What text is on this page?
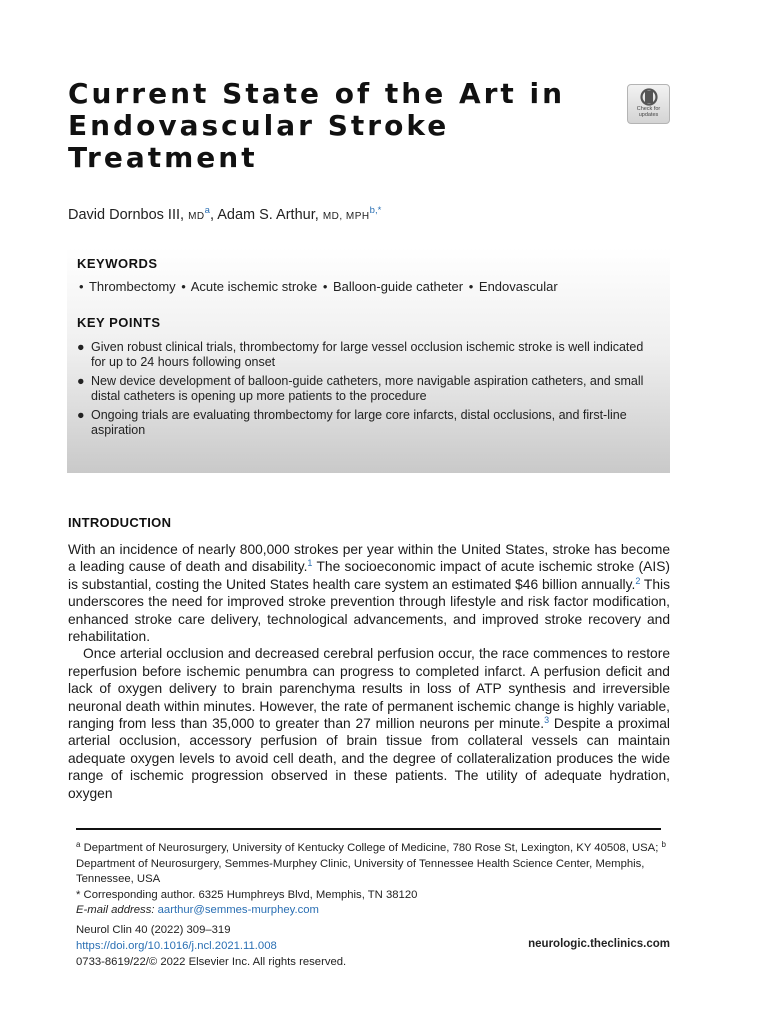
Current State of the Art in Endovascular Stroke Treatment
Check for
updates
David Dornbos III, MD$^a$, Adam S. Arthur, MD, MPH$^{b,*}$
KEYWORDS
• Thrombectomy • Acute ischemic stroke • Balloon-guide catheter • Endovascular
KEY POINTS
● Given robust clinical trials, thrombectomy for large vessel occlusion ischemic stroke is well indicated for up to 24 hours following onset
● New device development of balloon-guide catheters, more navigable aspiration catheters, and small distal catheters is opening up more patients to the procedure
● Ongoing trials are evaluating thrombectomy for large core infarcts, distal occlusions, and first-line aspiration
INTRODUCTION

With an incidence of nearly 800,000 strokes per year within the United States, stroke has become a leading cause of death and disability.$^1$ The socioeconomic impact of acute ischemic stroke (AIS) is substantial, costing the United States health care system an estimated $46 billion annually.$^2$ This underscores the need for improved stroke prevention through lifestyle and risk factor modification, enhanced stroke care delivery, technological advancements, and improved stroke recovery and rehabilitation.

Once arterial occlusion and decreased cerebral perfusion occur, the race commences to restore reperfusion before ischemic penumbra can progress to completed infarct. A perfusion deficit and lack of oxygen delivery to brain parenchyma results in loss of ATP synthesis and irreversible neuronal death within minutes. However, the rate of permanent ischemic change is highly variable, ranging from less than 35,000 to greater than 27 million neurons per minute.$^3$ Despite a proximal arterial occlusion, accessory perfusion of brain tissue from collateral vessels can maintain adequate oxygen levels to avoid cell death, and the degree of collateralization produces the wide range of ischemic progression observed in these patients. The utility of adequate hydration, oxygen

$^a$ Department of Neurosurgery, University of Kentucky College of Medicine, 780 Rose St, Lexington, KY 40508, USA; $^b$ Department of Neurosurgery, Semmes-Murphey Clinic, University of Tennessee Health Science Center, Memphis, Tennessee, USA
* Corresponding author. 6325 Humphreys Blvd, Memphis, TN 38120
E-mail address: aarthur@semmes-murphey.com
Neurol Clin 40 (2022) 309–319
https://doi.org/10.1016/j.ncl.2021.11.008
0733-8619/22/© 2022 Elsevier Inc. All rights reserved.
neurologic.theclinics.com
